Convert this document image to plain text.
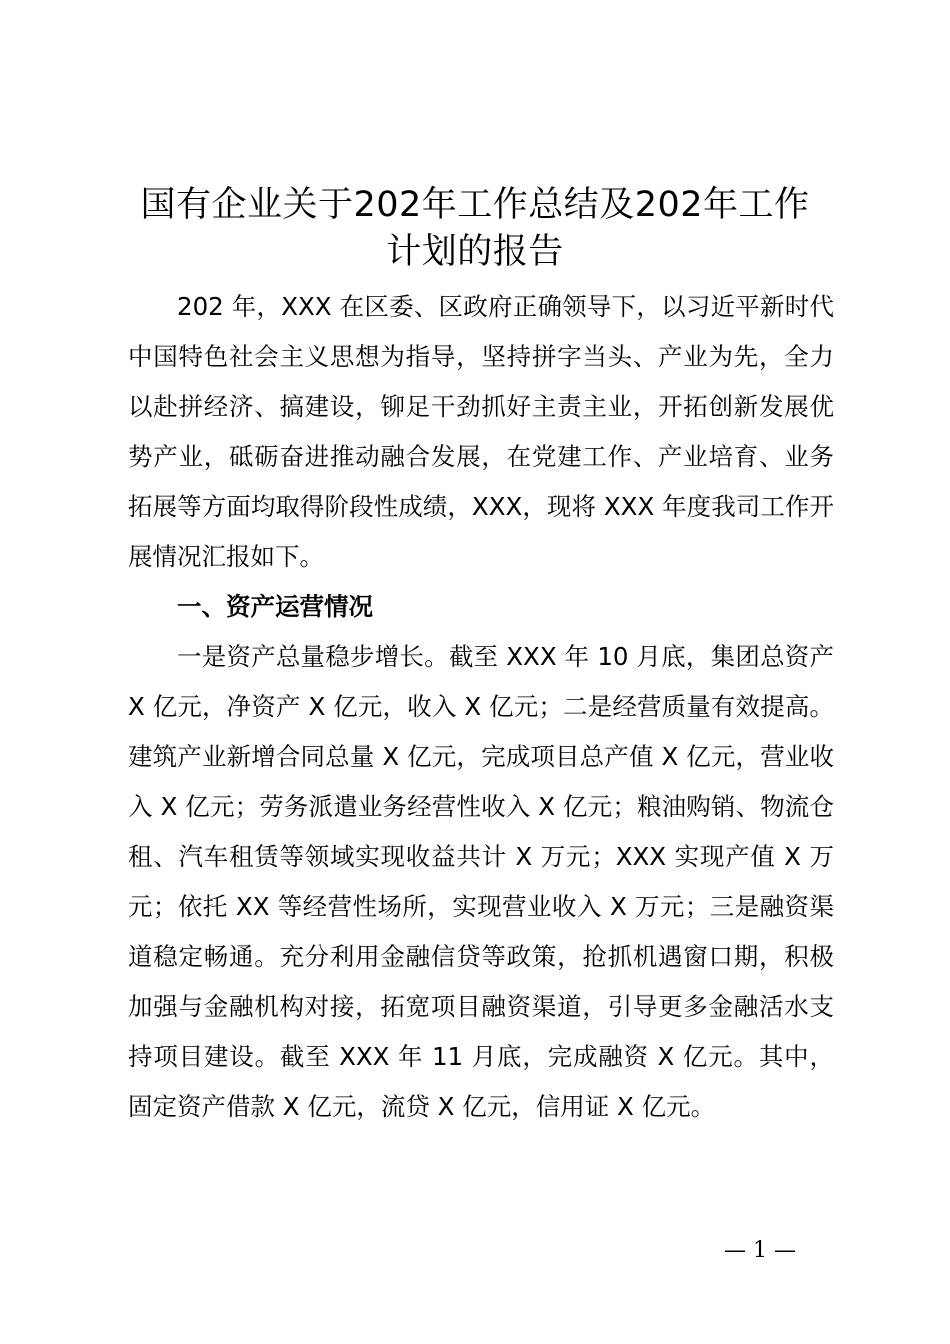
国有企业关于202年工作总结及202年工作
计划的报告

202 年，XXX 在区委、区政府正确领导下，以习近平新时代中国特色社会主义思想为指导，坚持拼字当头、产业为先，全力以赴拼经济、搞建设，铆足干劲抓好主责主业，开拓创新发展优势产业，砥砺奋进推动融合发展，在党建工作、产业培育、业务拓展等方面均取得阶段性成绩，XXX，现将 XXX 年度我司工作开展情况汇报如下。

一、资产运营情况

一是资产总量稳步增长。截至 XXX 年 10 月底，集团总资产 X 亿元，净资产 X 亿元，收入 X 亿元；二是经营质量有效提高。建筑产业新增合同总量 X 亿元，完成项目总产值 X 亿元，营业收入 X 亿元；劳务派遣业务经营性收入 X 亿元；粮油购销、物流仓租、汽车租赁等领域实现收益共计 X 万元；XXX 实现产值 X 万元；依托 XX 等经营性场所，实现营业收入 X 万元；三是融资渠道稳定畅通。充分利用金融信贷等政策，抢抓机遇窗口期，积极加强与金融机构对接，拓宽项目融资渠道，引导更多金融活水支持项目建设。截至 XXX 年 11 月底，完成融资 X 亿元。其中，固定资产借款 X 亿元，流贷 X 亿元，信用证 X 亿元。

— 1 —
